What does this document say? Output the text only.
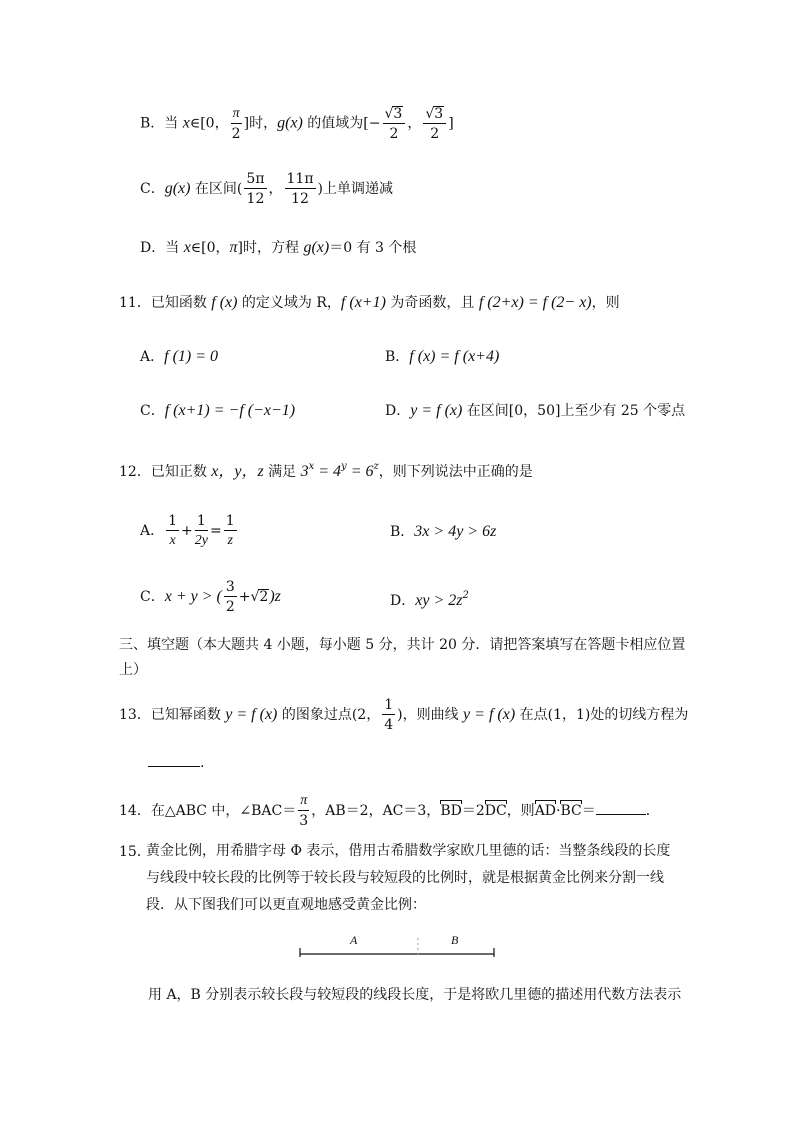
B．当 x∈[0， $\frac{\pi}{2}$ ]时，g(x) 的值域为[− $\frac{√3}{2}$ ， $\frac{√3}{2}$ ]
C．g(x) 在区间( $\frac{5\pi}{12}$ ， $\frac{11\pi}{12}$ )上单调递减
D．当 x∈[0，π]时，方程 g(x)＝0 有 3 个根
11．已知函数 f (x) 的定义域为 R，f (x+1) 为奇函数，且 f (2+x) = f (2− x)，则
A．f (1) = 0	B．f (x) = f (x+4)
C．f (x+1) = −f (−x−1)	D．y = f (x) 在区间[0，50]上至少有 25 个零点
12．已知正数 x，y，z 满足 $3^x = 4^y = 6^z$，则下列说法中正确的是
A． $\frac{1}{x} + \frac{1}{2y} = \frac{1}{z}$	B．3x > 4y > 6z
C．x + y > ( $\frac{3}{2} +√2)z$	D．xy > $2z^2$
三、填空题（本大题共 4 小题，每小题 5 分，共计 20 分．请把答案填写在答题卡相应位置
上）
13．已知幂函数 y = f (x) 的图象过点(2， $\frac{1}{4}$ )，则曲线 y = f (x) 在点(1，1)处的切线方程为
.
14．在△ABC 中，∠BAC＝ $\frac{\pi}{3}$ ，AB＝2，AC＝3，BD＝2DC，则AD·BC＝	．
15．
黄金比例，用希腊字母 Φ 表示，借用古希腊数学家欧几里德的话：当整条线段的长度
与线段中较长段的比例等于较长段与较短段的比例时，就是根据黄金比例来分割一线
段．从下图我们可以更直观地感受黄金比例：
A	B
用 A，B 分别表示较长段与较短段的线段长度，于是将欧几里德的描述用代数方法表示
